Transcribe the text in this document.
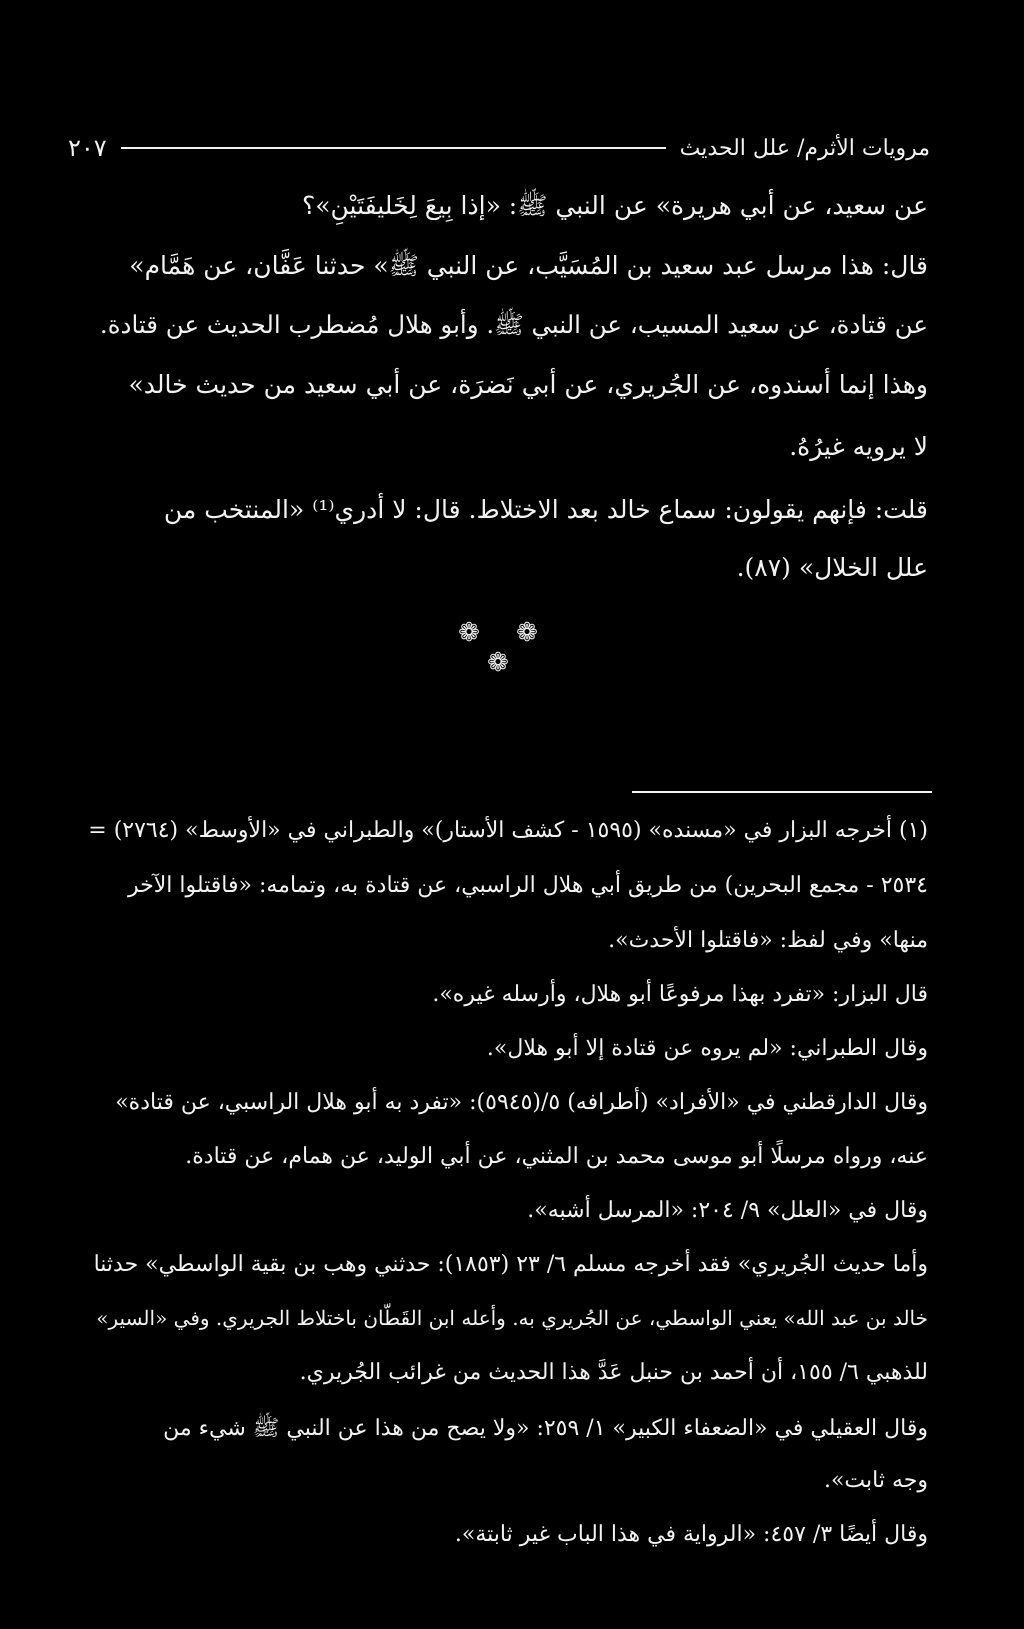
مرويات الأثرم/ علل الحديث
٢٠٧
عن سعيد، عن أبي هريرة» عن النبي ﷺ: «إذا بِيعَ لِخَليفَتَيْنِ»؟
قال: هذا مرسل عبد سعيد بن المُسَيَّب، عن النبي ﷺ» حدثنا عَفَّان، عن هَمَّام»
عن قتادة، عن سعيد المسيب، عن النبي ﷺ. وأبو هلال مُضطرب الحديث عن قتادة.
وهذا إنما أسندوه، عن الجُريري، عن أبي نَضرَة، عن أبي سعيد من حديث خالد»
لا يرويه غيرُهُ.
قلت: فإنهم يقولون: سماع خالد بعد الاختلاط. قال: لا أدري⁽¹⁾ «المنتخب من
علل الخلال» (٨٧).
❁ ❁ ❁
(١) أخرجه البزار في «مسنده» (١٥٩٥ - كشف الأستار)» والطبراني في «الأوسط» (٢٧٦٤) =
٢٥٣٤ - مجمع البحرين) من طريق أبي هلال الراسبي، عن قتادة به، وتمامه: «فاقتلوا الآخر
منها» وفي لفظ: «فاقتلوا الأحدث».
قال البزار: «تفرد بهذا مرفوعًا أبو هلال، وأرسله غيره».
وقال الطبراني: «لم يروه عن قتادة إلا أبو هلال».
وقال الدارقطني في «الأفراد» (أطرافه) ٥/(٥٩٤٥): «تفرد به أبو هلال الراسبي، عن قتادة»
عنه، ورواه مرسلًا أبو موسى محمد بن المثني، عن أبي الوليد، عن همام، عن قتادة.
وقال في «العلل» ٩/ ٢٠٤: «المرسل أشبه».
وأما حديث الجُريري» فقد أخرجه مسلم ٦/ ٢٣ (١٨٥٣): حدثني وهب بن بقية الواسطي» حدثنا
خالد بن عبد الله» يعني الواسطي، عن الجُريري به. وأعله ابن القَطّان باختلاط الجريري. وفي «السير»
للذهبي ٦/ ١٥٥، أن أحمد بن حنبل عَدَّ هذا الحديث من غرائب الجُريري.
وقال العقيلي في «الضعفاء الكبير» ١/ ٢٥٩: «ولا يصح من هذا عن النبي ﷺ شيء من
وجه ثابت».
وقال أيضًا ٣/ ٤٥٧: «الرواية في هذا الباب غير ثابتة».
